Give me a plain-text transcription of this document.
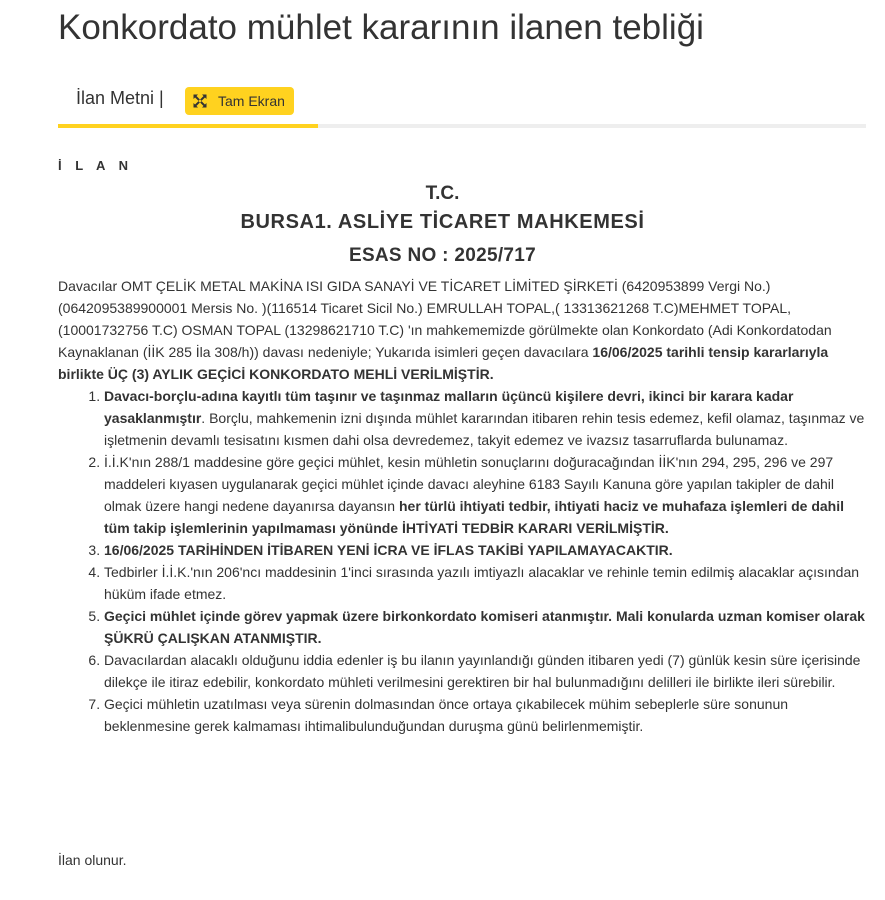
Konkordato mühlet kararının ilanen tebliği
İlan Metni |	Tam Ekran
İ L A N
T.C.
BURSA1. ASLİYE TİCARET MAHKEMESİ
ESAS NO : 2025/717

Davacılar OMT ÇELİK METAL MAKİNA ISI GIDA SANAYİ VE TİCARET LİMİTED ŞİRKETİ (6420953899 Vergi No.) (0642095389900001 Mersis No. )(116514 Ticaret Sicil No.) EMRULLAH TOPAL,( 13313621268 T.C)MEHMET TOPAL,(10001732756 T.C) OSMAN TOPAL (13298621710 T.C) 'ın mahkememizde görülmekte olan Konkordato (Adi Konkordatodan Kaynaklanan (İİK 285 İla 308/h)) davası nedeniyle; Yukarıda isimleri geçen davacılara 16/06/2025 tarihli tensip kararlarıyla birlikte ÜÇ (3) AYLIK GEÇİCİ KONKORDATO MEHLİ VERİLMİŞTİR.

1. Davacı-borçlu-adına kayıtlı tüm taşınır ve taşınmaz malların üçüncü kişilere devri, ikinci bir karara kadar yasaklanmıştır. Borçlu, mahkemenin izni dışında mühlet kararından itibaren rehin tesis edemez, kefil olamaz, taşınmaz ve işletmenin devamlı tesisatını kısmen dahi olsa devredemez, takyit edemez ve ivazsız tasarruflarda bulunamaz.
2. İ.İ.K'nın 288/1 maddesine göre geçici mühlet, kesin mühletin sonuçlarını doğuracağından İİK'nın 294, 295, 296 ve 297 maddeleri kıyasen uygulanarak geçici mühlet içinde davacı aleyhine 6183 Sayılı Kanuna göre yapılan takipler de dahil olmak üzere hangi nedene dayanırsa dayansın her türlü ihtiyati tedbir, ihtiyati haciz ve muhafaza işlemleri de dahil tüm takip işlemlerinin yapılmaması yönünde İHTİYATİ TEDBİR KARARI VERİLMİŞTİR.
3. 16/06/2025 TARİHİNDEN İTİBAREN YENİ İCRA VE İFLAS TAKİBİ YAPILAMAYACAKTIR.
4. Tedbirler İ.İ.K.'nın 206'ncı maddesinin 1'inci sırasında yazılı imtiyazlı alacaklar ve rehinle temin edilmiş alacaklar açısından hüküm ifade etmez.
5. Geçici mühlet içinde görev yapmak üzere birkonkordato komiseri atanmıştır. Mali konularda uzman komiser olarak ŞÜKRÜ ÇALIŞKAN ATANMIŞTIR.
6. Davacılardan alacaklı olduğunu iddia edenler iş bu ilanın yayınlandığı günden itibaren yedi (7) günlük kesin süre içerisinde dilekçe ile itiraz edebilir, konkordato mühleti verilmesini gerektiren bir hal bulunmadığını delilleri ile birlikte ileri sürebilir.
7. Geçici mühletin uzatılması veya sürenin dolmasından önce ortaya çıkabilecek mühim sebeplerle süre sonunun beklenmesine gerek kalmaması ihtimalibulunduğundan duruşma günü belirlenmemiştir.
İlan olunur.
